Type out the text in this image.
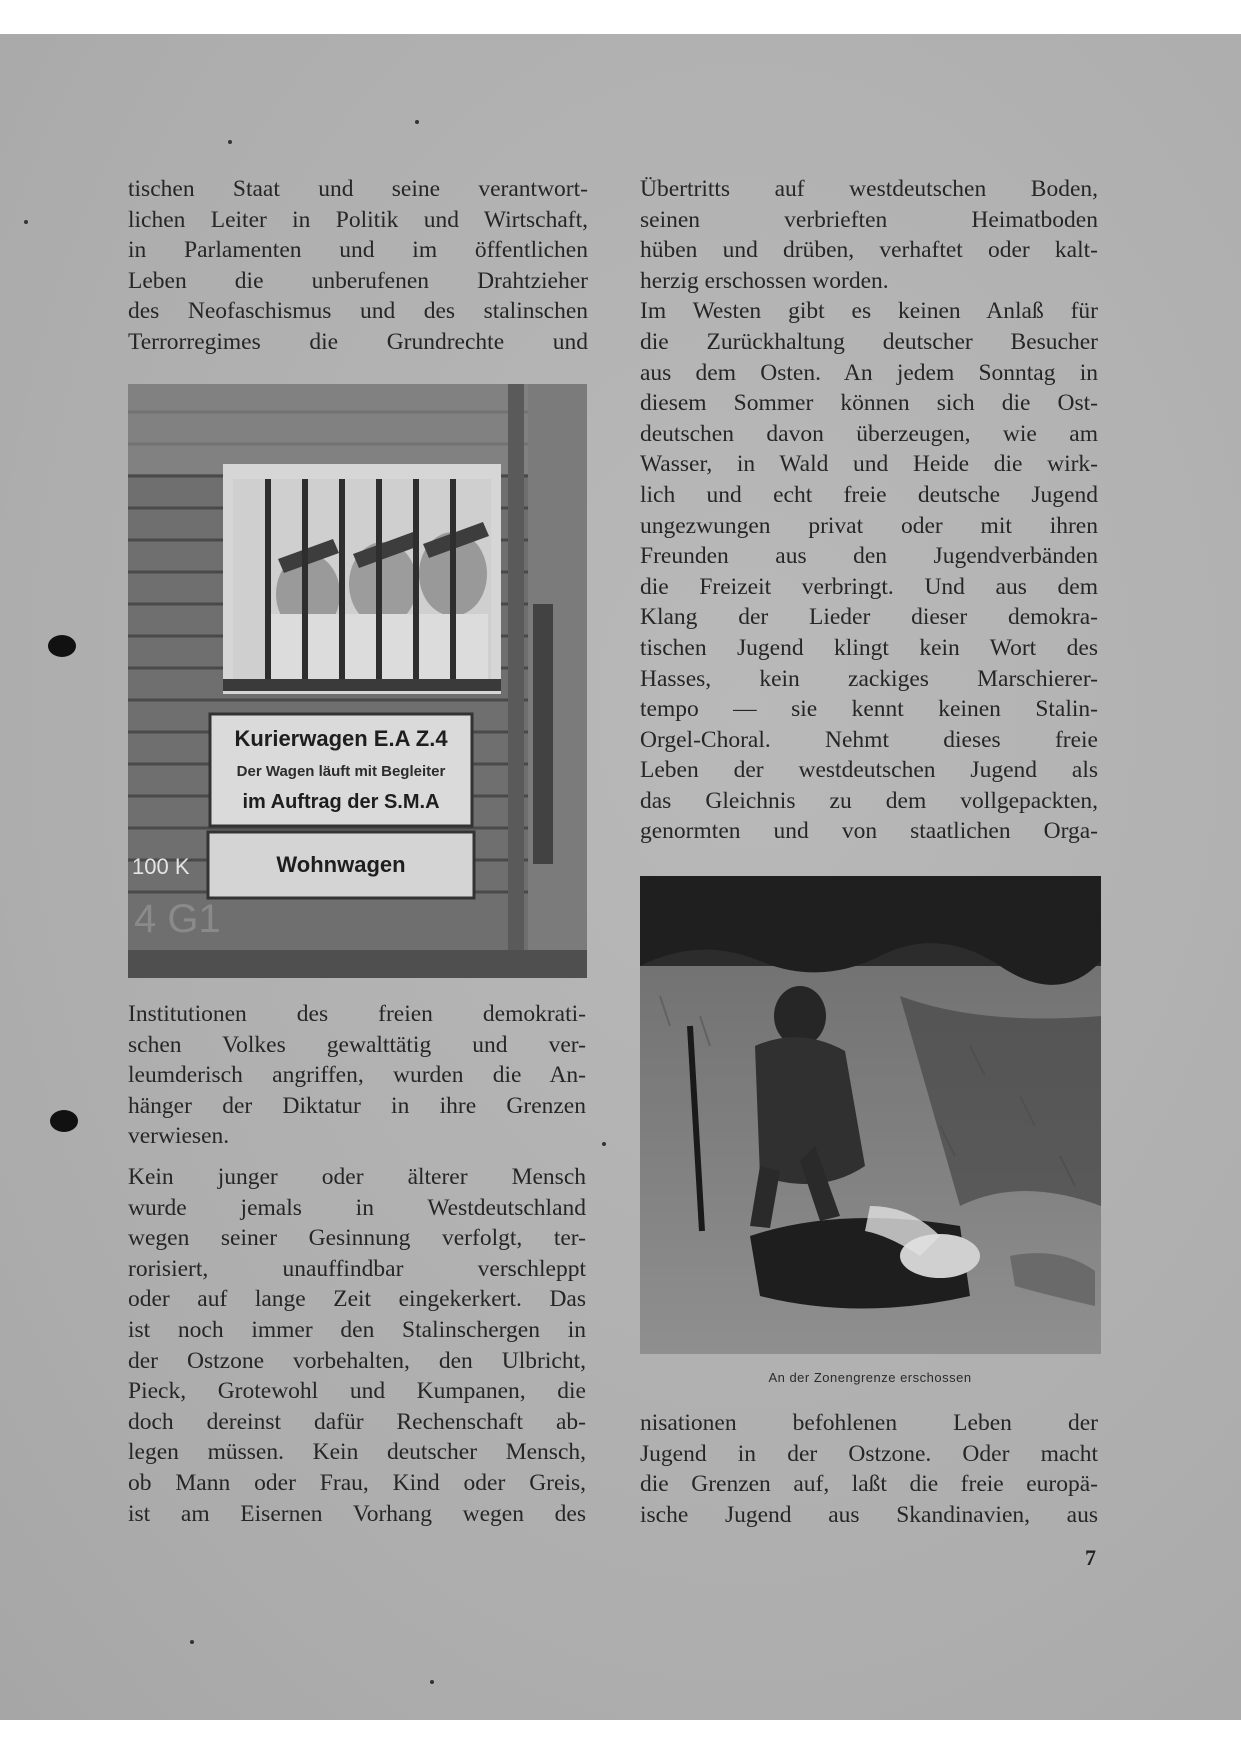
tischen Staat und seine verantwort-

lichen Leiter in Politik und Wirtschaft,

in Parlamenten und im öffentlichen

Leben die unberufenen Drahtzieher

des Neofaschismus und des stalinschen

Terrorregimes die Grundrechte und

Kurierwagen E.A Z.4
Der Wagen läuft mit Begleiter
im Auftrag der S.M.A
Wohnwagen
100 K
4 G1

Institutionen des freien demokrati-

schen Volkes gewalttätig und ver-

leumderisch angriffen, wurden die An-

hänger der Diktatur in ihre Grenzen

verwiesen.

Kein junger oder älterer Mensch

wurde jemals in Westdeutschland

wegen seiner Gesinnung verfolgt, ter-

rorisiert, unauffindbar verschleppt

oder auf lange Zeit eingekerkert. Das

ist noch immer den Stalinschergen in

der Ostzone vorbehalten, den Ulbricht,

Pieck, Grotewohl und Kumpanen, die

doch dereinst dafür Rechenschaft ab-

legen müssen. Kein deutscher Mensch,

ob Mann oder Frau, Kind oder Greis,

ist am Eisernen Vorhang wegen des

Übertritts auf westdeutschen Boden,

seinen verbrieften Heimatboden

hüben und drüben, verhaftet oder kalt-

herzig erschossen worden.

Im Westen gibt es keinen Anlaß für

die Zurückhaltung deutscher Besucher

aus dem Osten. An jedem Sonntag in

diesem Sommer können sich die Ost-

deutschen davon überzeugen, wie am

Wasser, in Wald und Heide die wirk-

lich und echt freie deutsche Jugend

ungezwungen privat oder mit ihren

Freunden aus den Jugendverbänden

die Freizeit verbringt. Und aus dem

Klang der Lieder dieser demokra-

tischen Jugend klingt kein Wort des

Hasses, kein zackiges Marschierer-

tempo — sie kennt keinen Stalin-

Orgel-Choral. Nehmt dieses freie

Leben der westdeutschen Jugend als

das Gleichnis zu dem vollgepackten,

genormten und von staatlichen Orga-

An der Zonengrenze erschossen

nisationen befohlenen Leben der

Jugend in der Ostzone. Oder macht

die Grenzen auf, laßt die freie europä-

ische Jugend aus Skandinavien, aus

7
